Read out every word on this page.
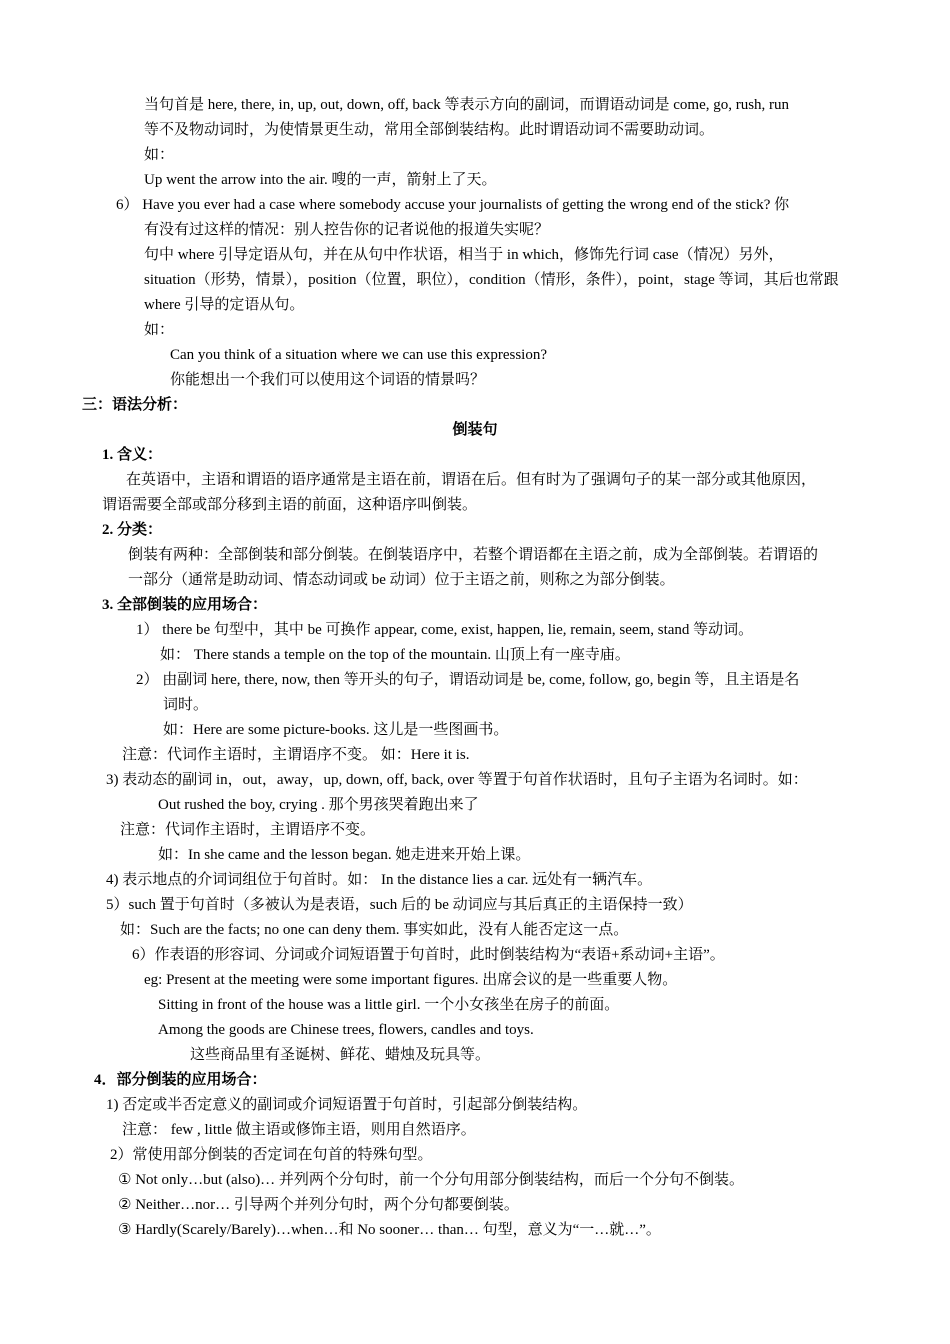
当句首是 here, there, in, up, out, down, off, back 等表示方向的副词，而谓语动词是 come, go, rush, run
等不及物动词时，为使情景更生动，常用全部倒装结构。此时谓语动词不需要助动词。
如：
Up went the arrow into the air. 嗖的一声，箭射上了天。
6） Have you ever had a case where somebody accuse your journalists of getting the wrong end of the stick? 你
有没有过这样的情况：别人控告你的记者说他的报道失实呢？
句中 where 引导定语从句，并在从句中作状语，相当于 in which，修饰先行词 case（情况）另外，
situation（形势，情景），position（位置，职位），condition（情形，条件），point，stage 等词，其后也常跟
where 引导的定语从句。
如：
Can you think of a situation where we can use this expression?
你能想出一个我们可以使用这个词语的情景吗？
三：语法分析：
倒装句
1. 含义：
在英语中，主语和谓语的语序通常是主语在前，谓语在后。但有时为了强调句子的某一部分或其他原因，
谓语需要全部或部分移到主语的前面，这种语序叫倒装。
2. 分类：
倒装有两种：全部倒装和部分倒装。在倒装语序中，若整个谓语都在主语之前，成为全部倒装。若谓语的
一部分（通常是助动词、情态动词或 be 动词）位于主语之前，则称之为部分倒装。
3. 全部倒装的应用场合：
1） there be 句型中，其中 be 可换作 appear, come, exist, happen, lie, remain, seem, stand 等动词。
如： There stands a temple on the top of the mountain. 山顶上有一座寺庙。
2） 由副词 here, there, now, then 等开头的句子，谓语动词是 be, come, follow, go, begin 等，且主语是名
词时。
如：Here are some picture-books. 这儿是一些图画书。
注意：代词作主语时，主谓语序不变。 如：Here it is.
3) 表动态的副词 in，out，away，up, down, off, back, over 等置于句首作状语时，且句子主语为名词时。如：
Out rushed the boy, crying . 那个男孩哭着跑出来了
注意：代词作主语时，主谓语序不变。
如：In she came and the lesson began. 她走进来开始上课。
4) 表示地点的介词词组位于句首时。如： In the distance lies a car. 远处有一辆汽车。
5）such 置于句首时（多被认为是表语，such 后的 be 动词应与其后真正的主语保持一致）
如：Such are the facts; no one can deny them. 事实如此，没有人能否定这一点。
6）作表语的形容词、分词或介词短语置于句首时，此时倒装结构为“表语+系动词+主语”。
eg: Present at the meeting were some important figures. 出席会议的是一些重要人物。
Sitting in front of the house was a little girl. 一个小女孩坐在房子的前面。
Among the goods are Chinese trees, flowers, candles and toys.
这些商品里有圣诞树、鲜花、蜡烛及玩具等。
4．部分倒装的应用场合：
1) 否定或半否定意义的副词或介词短语置于句首时，引起部分倒装结构。
注意： few , little 做主语或修饰主语，则用自然语序。
2）常使用部分倒装的否定词在句首的特殊句型。
① Not only…but (also)… 并列两个分句时，前一个分句用部分倒装结构，而后一个分句不倒装。
② Neither…nor… 引导两个并列分句时，两个分句都要倒装。
③ Hardly(Scarely/Barely)…when…和 No sooner… than… 句型，意义为“一…就…”。
